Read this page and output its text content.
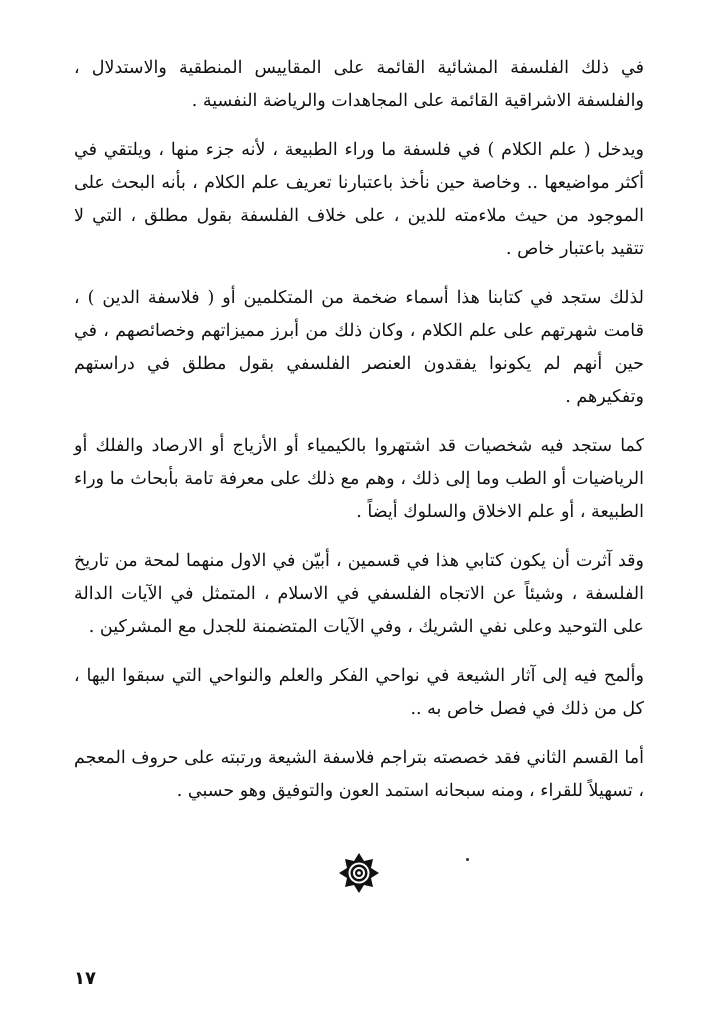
في ذلك الفلسفة المشائية القائمة على المقاييس المنطقية والاستدلال ، والفلسفة الاشراقية القائمة على المجاهدات والرياضة النفسية .

ويدخل ( علم الكلام ) في فلسفة ما وراء الطبيعة ، لأنه جزء منها ، ويلتقي في أكثر مواضيعها .. وخاصة حين نأخذ باعتبارنا تعريف علم الكلام ، بأنه البحث على الموجود من حيث ملاءمته للدين ، على خلاف الفلسفة بقول مطلق ، التي لا تتقيد باعتبار خاص .

لذلك ستجد في كتابنا هذا أسماء ضخمة من المتكلمين أو ( فلاسفة الدين ) ، قامت شهرتهم على علم الكلام ، وكان ذلك من أبرز مميزاتهم وخصائصهم ، في حين أنهم لم يكونوا يفقدون العنصر الفلسفي بقول مطلق في دراستهم وتفكيرهم .

كما ستجد فيه شخصيات قد اشتهروا بالكيمياء أو الأزياج أو الارصاد والفلك أو الرياضيات أو الطب وما إلى ذلك ، وهم مع ذلك على معرفة تامة بأبحاث ما وراء الطبيعة ، أو علم الاخلاق والسلوك أيضاً .

وقد آثرت أن يكون كتابي هذا في قسمين ، أبيّن في الاول منهما لمحة من تاريخ الفلسفة ، وشيئاً عن الاتجاه الفلسفي في الاسلام ، المتمثل في الآيات الدالة على التوحيد وعلى نفي الشريك ، وفي الآيات المتضمنة للجدل مع المشركين .

وألمح فيه إلى آثار الشيعة في نواحي الفكر والعلم والنواحي التي سبقوا اليها ، كل من ذلك في فصل خاص به ..

أما القسم الثاني فقد خصصته بتراجم فلاسفة الشيعة ورتبته على حروف المعجم ، تسهيلاً للقراء ، ومنه سبحانه استمد العون والتوفيق وهو حسبي .

١٧
